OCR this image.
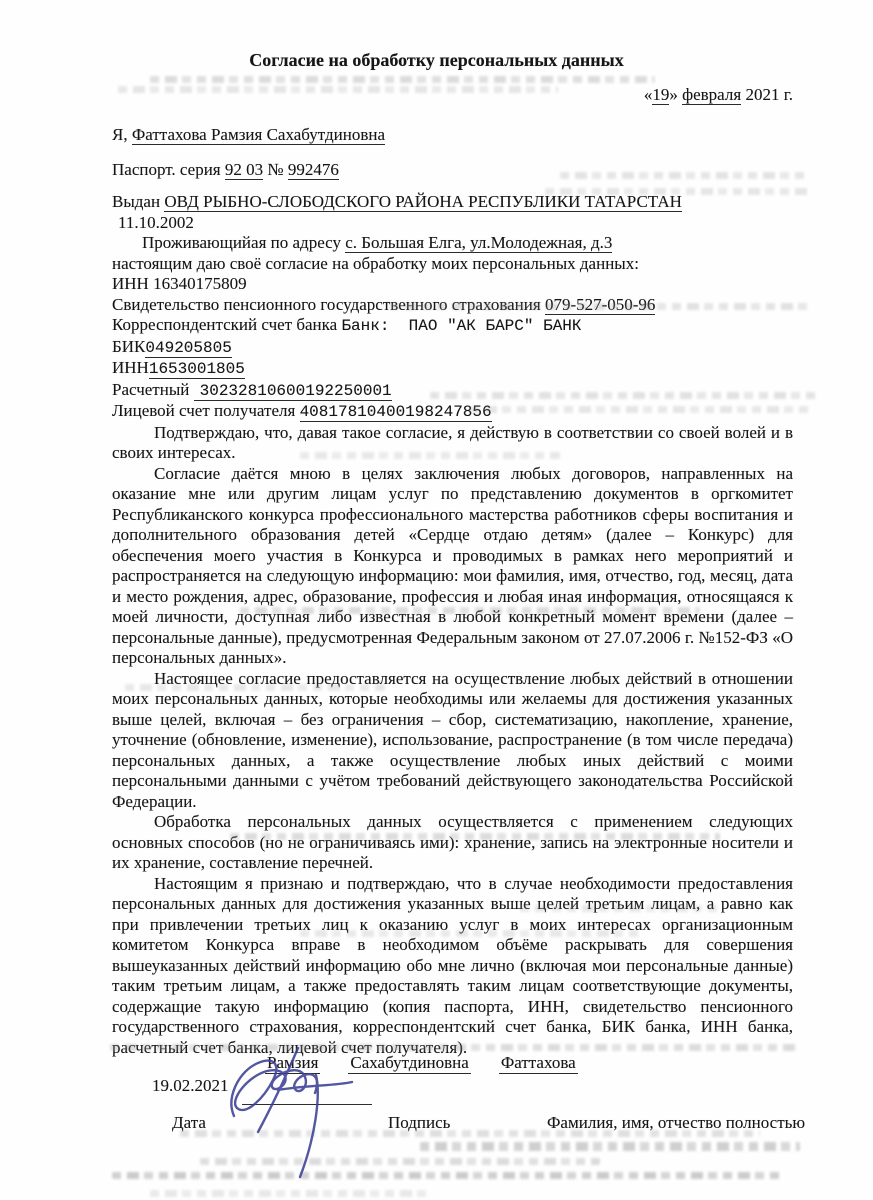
Согласие на обработку персональных данных
«19» февраля 2021 г.
Я, Фаттахова Рамзия Сахабутдиновна
Паспорт. серия 92 03 № 992476
Выдан ОВД РЫБНО-СЛОБОДСКОГО РАЙОНА РЕСПУБЛИКИ ТАТАРСТАН
11.10.2002
Проживающийая по адресу с. Большая Елга, ул.Молодежная, д.3
настоящим даю своё согласие на обработку моих персональных данных:
ИНН 16340175809
Свидетельство пенсионного государственного страхования 079-527-050-96
Корреспондентский счет банка Банк:  ПАО "АК БАРС" БАНК
БИК049205805
ИНН1653001805
Расчетный 30232810600192250001
Лицевой счет получателя 40817810400198247856

Подтверждаю, что, давая такое согласие, я действую в соответствии со своей волей и в своих интересах.

Согласие даётся мною в целях заключения любых договоров, направленных на оказание мне или другим лицам услуг по представлению документов в оргкомитет Республиканского конкурса профессионального мастерства работников сферы воспитания и дополнительного образования детей «Сердце отдаю детям» (далее – Конкурс) для обеспечения моего участия в Конкурса и проводимых в рамках него мероприятий и распространяется на следующую информацию: мои фамилия, имя, отчество, год, месяц, дата и место рождения, адрес, образование, профессия и любая иная информация, относящаяся к моей личности, доступная либо известная в любой конкретный момент времени (далее – персональные данные), предусмотренная Федеральным законом от 27.07.2006 г. №152-ФЗ «О персональных данных».

Настоящее согласие предоставляется на осуществление любых действий в отношении моих персональных данных, которые необходимы или желаемы для достижения указанных выше целей, включая – без ограничения – сбор, систематизацию, накопление, хранение, уточнение (обновление, изменение), использование, распространение (в том числе передача) персональных данных, а также осуществление любых иных действий с моими персональными данными с учётом требований действующего законодательства Российской Федерации.

Обработка персональных данных осуществляется с применением следующих основных способов (но не ограничиваясь ими): хранение, запись на электронные носители и их хранение, составление перечней.

Настоящим я признаю и подтверждаю, что в случае необходимости предоставления персональных данных для достижения указанных выше целей третьим лицам, а равно как при привлечении третьих лиц к оказанию услуг в моих интересах организационным комитетом Конкурса вправе в необходимом объёме раскрывать для совершения вышеуказанных действий информацию обо мне лично (включая мои персональные данные) таким третьим лицам, а также предоставлять таким лицам соответствующие документы, содержащие такую информацию (копия паспорта, ИНН, свидетельство пенсионного государственного страхования, корреспондентский счет банка, БИК банка, ИНН банка, расчетный счет банка, лицевой счет получателя).

Рамзия Сахабутдиновна Фаттахова
19.02.2021
Дата	Подпись	Фамилия, имя, отчество полностью
